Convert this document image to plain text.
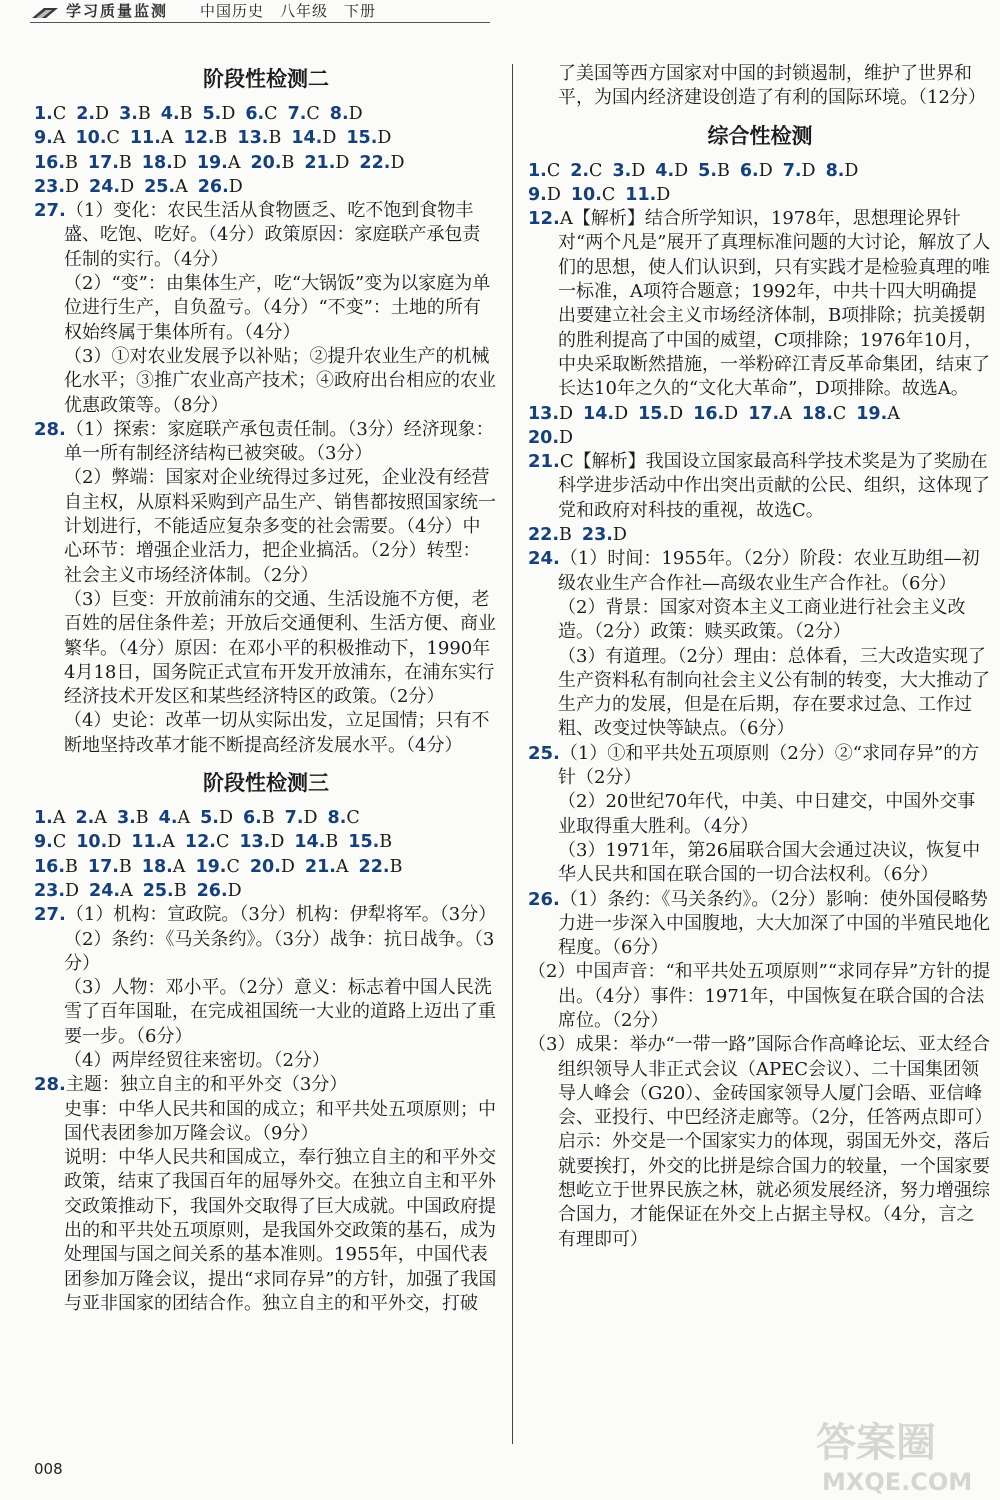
学习质量监测 中国历史　八年级　下册
阶段性检测二
1.C 2.D 3.B 4.B 5.D 6.C 7.C 8.D
9.A 10.C 11.A 12.B 13.B 14.D 15.D
16.B 17.B 18.D 19.A 20.B 21.D 22.D
23.D 24.D 25.A 26.D
27.（1）变化：农民生活从食物匮乏、吃不饱到食物丰盛、吃饱、吃好。（4分）政策原因：家庭联产承包责任制的实行。（4分）
（2）“变”：由集体生产，吃“大锅饭”变为以家庭为单位进行生产，自负盈亏。（4分）“不变”：土地的所有权始终属于集体所有。（4分）
（3）①对农业发展予以补贴；②提升农业生产的机械化水平；③推广农业高产技术；④政府出台相应的农业优惠政策等。（8分）
28.（1）探索：家庭联产承包责任制。（3分）经济现象：单一所有制经济结构已被突破。（3分）
（2）弊端：国家对企业统得过多过死，企业没有经营自主权，从原料采购到产品生产、销售都按照国家统一计划进行，不能适应复杂多变的社会需要。（4分）中心环节：增强企业活力，把企业搞活。（2分）转型：社会主义市场经济体制。（2分）
（3）巨变：开放前浦东的交通、生活设施不方便，老百姓的居住条件差；开放后交通便利、生活方便、商业繁华。（4分）原因：在邓小平的积极推动下，1990年4月18日，国务院正式宣布开发开放浦东，在浦东实行经济技术开发区和某些经济特区的政策。（2分）
（4）史论：改革一切从实际出发，立足国情；只有不断地坚持改革才能不断提高经济发展水平。（4分）
阶段性检测三
1.A 2.A 3.B 4.A 5.D 6.B 7.D 8.C
9.C 10.D 11.A 12.C 13.D 14.B 15.B
16.B 17.B 18.A 19.C 20.D 21.A 22.B
23.D 24.A 25.B 26.D
27.（1）机构：宣政院。（3分）机构：伊犁将军。（3分）
（2）条约：《马关条约》。（3分）战争：抗日战争。（3分）
（3）人物：邓小平。（2分）意义：标志着中国人民洗雪了百年国耻，在完成祖国统一大业的道路上迈出了重要一步。（6分）
（4）两岸经贸往来密切。（2分）
28.主题：独立自主的和平外交（3分）
史事：中华人民共和国的成立；和平共处五项原则；中国代表团参加万隆会议。（9分）
说明：中华人民共和国成立，奉行独立自主的和平外交政策，结束了我国百年的屈辱外交。在独立自主和平外交政策推动下，我国外交取得了巨大成就。中国政府提出的和平共处五项原则，是我国外交政策的基石，成为处理国与国之间关系的基本准则。1955年，中国代表团参加万隆会议，提出“求同存异”的方针，加强了我国与亚非国家的团结合作。独立自主的和平外交，打破
了美国等西方国家对中国的封锁遏制，维护了世界和平，为国内经济建设创造了有利的国际环境。（12分）
综合性检测
1.C 2.C 3.D 4.D 5.B 6.D 7.D 8.D
9.D 10.C 11.D
12.A【解析】结合所学知识，1978年，思想理论界针对“两个凡是”展开了真理标准问题的大讨论，解放了人们的思想，使人们认识到，只有实践才是检验真理的唯一标准，A项符合题意；1992年，中共十四大明确提出要建立社会主义市场经济体制，B项排除；抗美援朝的胜利提高了中国的威望，C项排除；1976年10月，中央采取断然措施，一举粉碎江青反革命集团，结束了长达10年之久的“文化大革命”，D项排除。故选A。
13.D 14.D 15.D 16.D 17.A 18.C 19.A
20.D
21.C【解析】我国设立国家最高科学技术奖是为了奖励在科学进步活动中作出突出贡献的公民、组织，这体现了党和政府对科技的重视，故选C。
22.B 23.D
24.（1）时间：1955年。（2分）阶段：农业互助组—初级农业生产合作社—高级农业生产合作社。（6分）
（2）背景：国家对资本主义工商业进行社会主义改造。（2分）政策：赎买政策。（2分）
（3）有道理。（2分）理由：总体看，三大改造实现了生产资料私有制向社会主义公有制的转变，大大推动了生产力的发展，但是在后期，存在要求过急、工作过粗、改变过快等缺点。（6分）
25.（1）①和平共处五项原则（2分）②“求同存异”的方针（2分）
（2）20世纪70年代，中美、中日建交，中国外交事业取得重大胜利。（4分）
（3）1971年，第26届联合国大会通过决议，恢复中华人民共和国在联合国的一切合法权利。（6分）
26.（1）条约：《马关条约》。（2分）影响：使外国侵略势力进一步深入中国腹地，大大加深了中国的半殖民地化程度。（6分）
（2）中国声音：“和平共处五项原则”“求同存异”方针的提出。（4分）事件：1971年，中国恢复在联合国的合法席位。（2分）
（3）成果：举办“一带一路”国际合作高峰论坛、亚太经合组织领导人非正式会议（APEC会议）、二十国集团领导人峰会（G20）、金砖国家领导人厦门会晤、亚信峰会、亚投行、中巴经济走廊等。（2分，任答两点即可）启示：外交是一个国家实力的体现，弱国无外交，落后就要挨打，外交的比拼是综合国力的较量，一个国家要想屹立于世界民族之林，就必须发展经济，努力增强综合国力，才能保证在外交上占据主导权。（4分，言之有理即可）
008
答案圈
MXQE.COM
